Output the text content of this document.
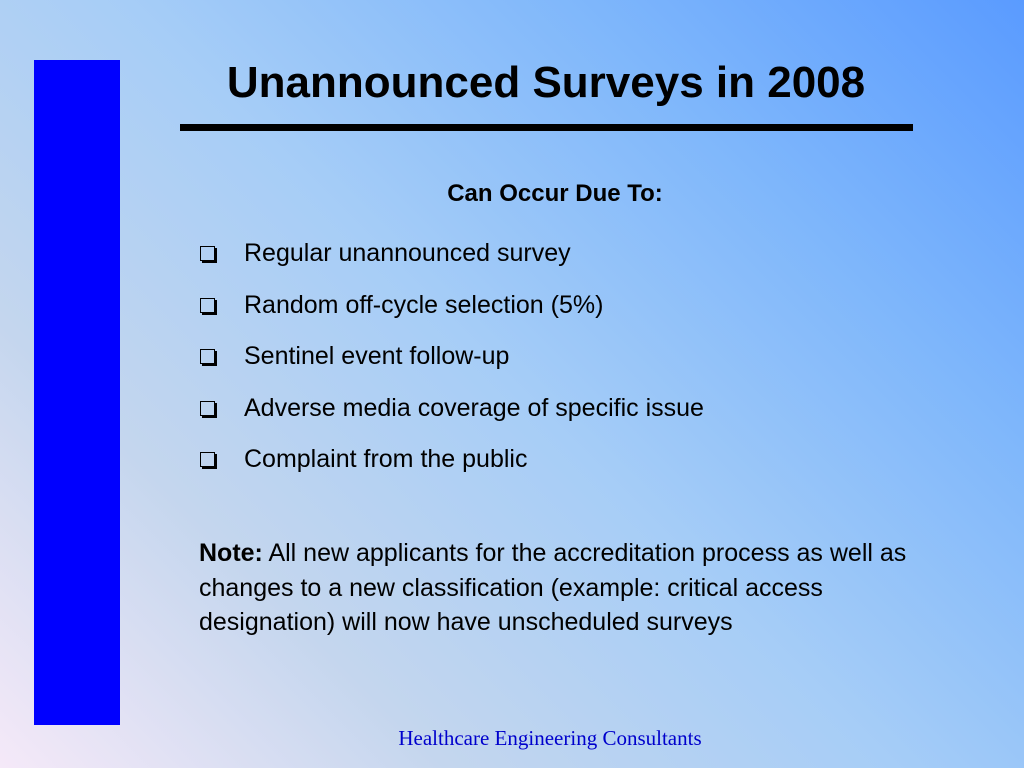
Unannounced Surveys in 2008
Can Occur Due To:
Regular unannounced survey
Random off-cycle selection (5%)
Sentinel event follow-up
Adverse media coverage of specific issue
Complaint from the public

Note: All new applicants for the accreditation process as well as changes to a new classification (example: critical access designation) will now have unscheduled surveys

Healthcare Engineering Consultants
